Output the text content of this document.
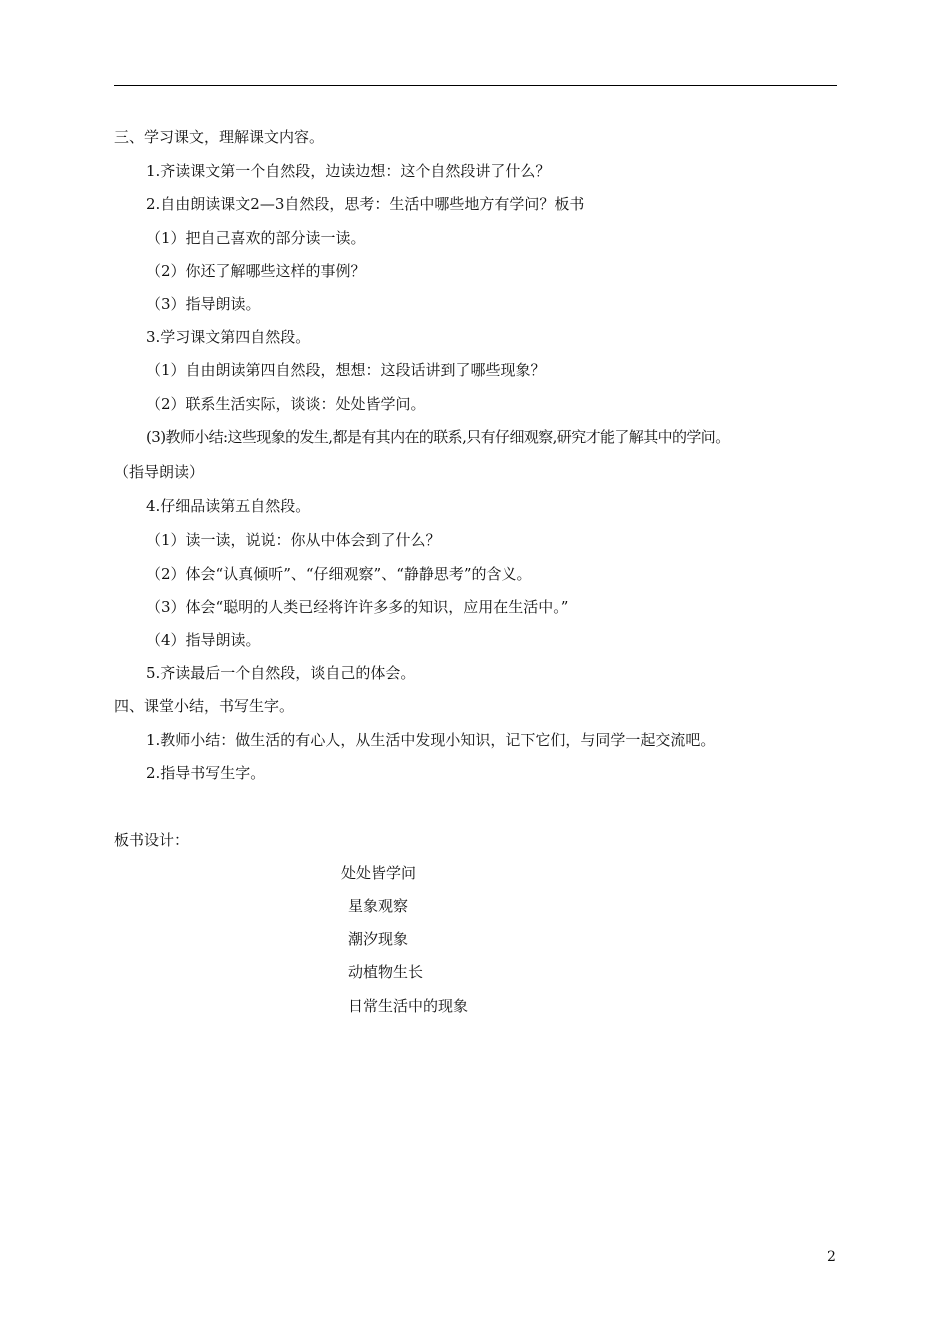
三、学习课文，理解课文内容。
1.齐读课文第一个自然段，边读边想：这个自然段讲了什么？
2.自由朗读课文2—3自然段，思考：生活中哪些地方有学问？板书
（1）把自己喜欢的部分读一读。
（2）你还了解哪些这样的事例？
（3）指导朗读。
3.学习课文第四自然段。
（1）自由朗读第四自然段，想想：这段话讲到了哪些现象？
（2）联系生活实际，谈谈：处处皆学问。
(3)教师小结:这些现象的发生,都是有其内在的联系,只有仔细观察,研究才能了解其中的学问。
（指导朗读）
4.仔细品读第五自然段。
（1）读一读，说说：你从中体会到了什么？
（2）体会“认真倾听”、“仔细观察”、“静静思考”的含义。
（3）体会“聪明的人类已经将许许多多的知识，应用在生活中。”
（4）指导朗读。
5.齐读最后一个自然段，谈自己的体会。
四、课堂小结，书写生字。
1.教师小结：做生活的有心人，从生活中发现小知识，记下它们，与同学一起交流吧。
2.指导书写生字。
板书设计：
处处皆学问
星象观察
潮汐现象
动植物生长
日常生活中的现象
2
